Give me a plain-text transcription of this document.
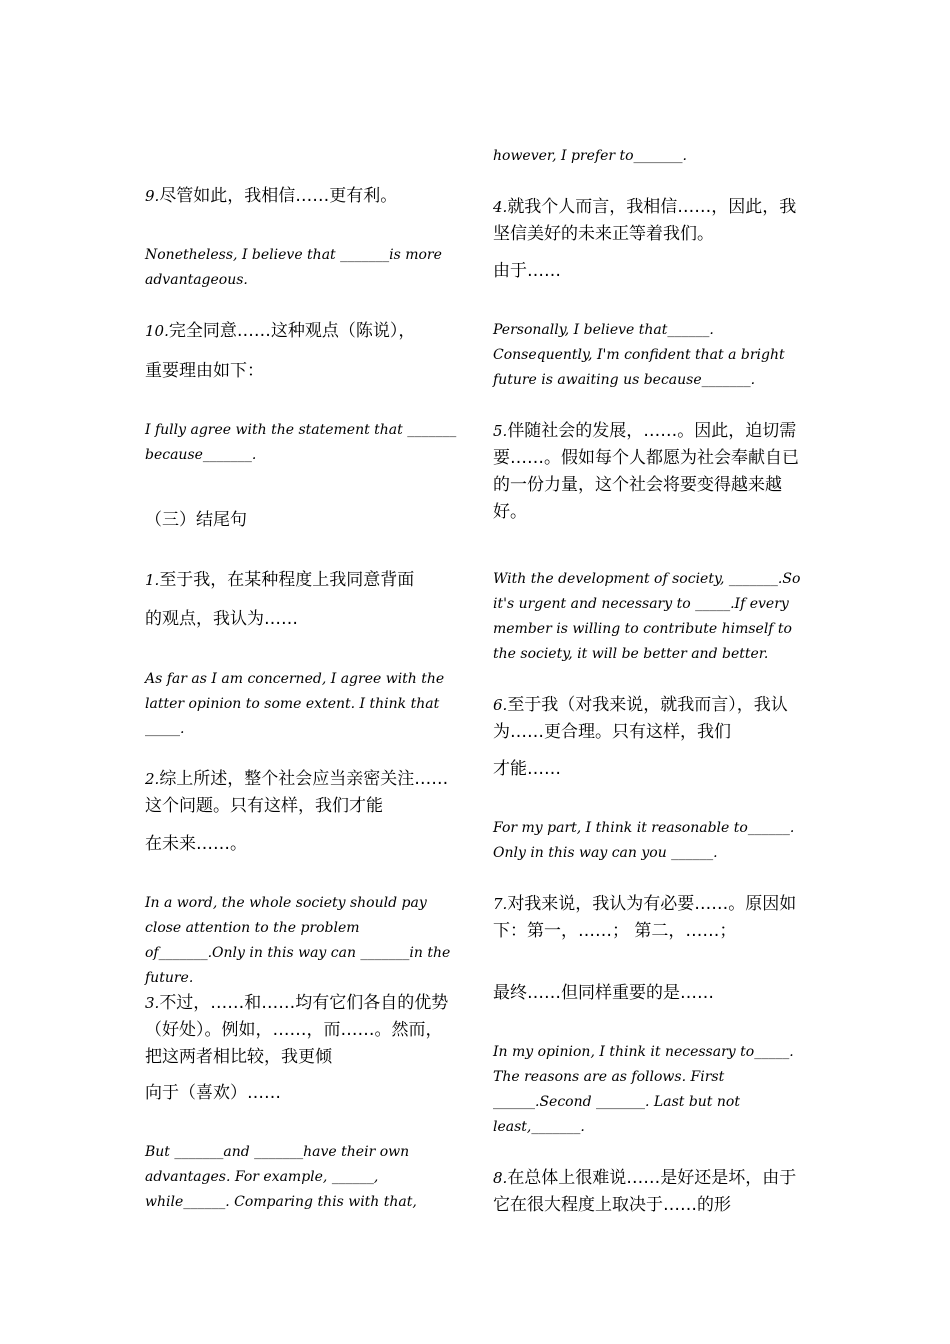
9.尽管如此，我相信……更有利。
Nonetheless, I believe that _______is more advantageous.
10.完全同意……这种观点（陈说），
重要理由如下：
I fully agree with the statement that _______ because_______.
（三）结尾句
1.至于我，在某种程度上我同意背面
的观点，我认为……
As far as I am concerned, I agree with the latter opinion to some extent. I think that _____.
2.综上所述，整个社会应当亲密关注……这个问题。只有这样，我们才能
在未来……。
In a word, the whole society should pay close attention to the problem of_______.Only in this way can _______in the future.
3.不过，……和……均有它们各自的优势（好处）。例如，……，而……。然而，把这两者相比较，我更倾
向于（喜欢）……
But _______and _______have their own advantages. For example, ______, while______. Comparing this with that,
however, I prefer to_______.
4.就我个人而言，我相信……，因此，我坚信美好的未来正等着我们。
由于……
Personally, I believe that______. Consequently, I'm confident that a bright future is awaiting us because_______.
5.伴随社会的发展，……。因此，迫切需要……。假如每个人都愿为社会奉献自已的一份力量，这个社会将要变得越来越好。
With the development of society, _______.So it's urgent and necessary to _____.If every member is willing to contribute himself to the society, it will be better and better.
6.至于我（对我来说，就我而言），我认为……更合理。只有这样，我们
才能……
For my part, I think it reasonable to______. Only in this way can you ______.
7.对我来说，我认为有必要……。原因如下：第一，……； 第二，……；
最终……但同样重要的是……
In my opinion, I think it necessary to_____. The reasons are as follows. First ______.Second _______. Last but not least,_______.
8.在总体上很难说……是好还是坏，由于它在很大程度上取决于……的形
